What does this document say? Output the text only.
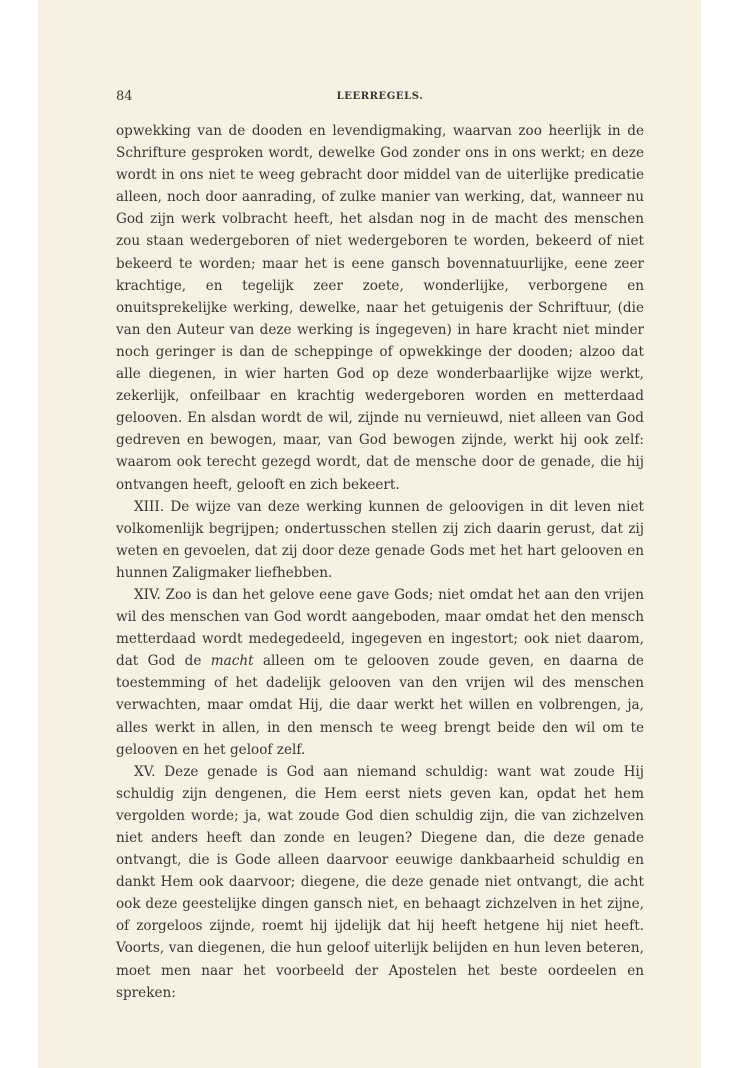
84	LEERREGELS.

opwekking van de dooden en levendigmaking, waarvan zoo heerlijk in de Schrifture gesproken wordt, dewelke God zonder ons in ons werkt; en deze wordt in ons niet te weeg gebracht door middel van de uiterlijke predicatie alleen, noch door aanrading, of zulke manier van werking, dat, wanneer nu God zijn werk volbracht heeft, het alsdan nog in de macht des menschen zou staan wedergeboren of niet wedergeboren te worden, bekeerd of niet bekeerd te worden; maar het is eene gansch bovennatuurlijke, eene zeer krachtige, en tegelijk zeer zoete, wonderlijke, verborgene en onuitsprekelijke werking, dewelke, naar het getuigenis der Schriftuur, (die van den Auteur van deze werking is ingegeven) in hare kracht niet minder noch geringer is dan de scheppinge of opwekkinge der dooden; alzoo dat alle diegenen, in wier harten God op deze wonderbaarlijke wijze werkt, zekerlijk, onfeilbaar en krachtig wedergeboren worden en metterdaad gelooven. En alsdan wordt de wil, zijnde nu vernieuwd, niet alleen van God gedreven en bewogen, maar, van God bewogen zijnde, werkt hij ook zelf: waarom ook terecht gezegd wordt, dat de mensche door de genade, die hij ontvangen heeft, gelooft en zich bekeert.

XIII. De wijze van deze werking kunnen de geloovigen in dit leven niet volkomenlijk begrijpen; ondertusschen stellen zij zich daarin gerust, dat zij weten en gevoelen, dat zij door deze genade Gods met het hart gelooven en hunnen Zaligmaker liefhebben.

XIV. Zoo is dan het gelove eene gave Gods; niet omdat het aan den vrijen wil des menschen van God wordt aangeboden, maar omdat het den mensch metterdaad wordt medegedeeld, ingegeven en ingestort; ook niet daarom, dat God de macht alleen om te gelooven zoude geven, en daarna de toestemming of het dadelijk gelooven van den vrijen wil des menschen verwachten, maar omdat Hij, die daar werkt het willen en volbrengen, ja, alles werkt in allen, in den mensch te weeg brengt beide den wil om te gelooven en het geloof zelf.

XV. Deze genade is God aan niemand schuldig: want wat zoude Hij schuldig zijn dengenen, die Hem eerst niets geven kan, opdat het hem vergolden worde; ja, wat zoude God dien schuldig zijn, die van zichzelven niet anders heeft dan zonde en leugen? Diegene dan, die deze genade ontvangt, die is Gode alleen daarvoor eeuwige dankbaarheid schuldig en dankt Hem ook daarvoor; diegene, die deze genade niet ontvangt, die acht ook deze geestelijke dingen gansch niet, en behaagt zichzelven in het zijne, of zorgeloos zijnde, roemt hij ijdelijk dat hij heeft hetgene hij niet heeft. Voorts, van diegenen, die hun geloof uiterlijk belijden en hun leven beteren, moet men naar het voorbeeld der Apostelen het beste oordeelen en spreken:
